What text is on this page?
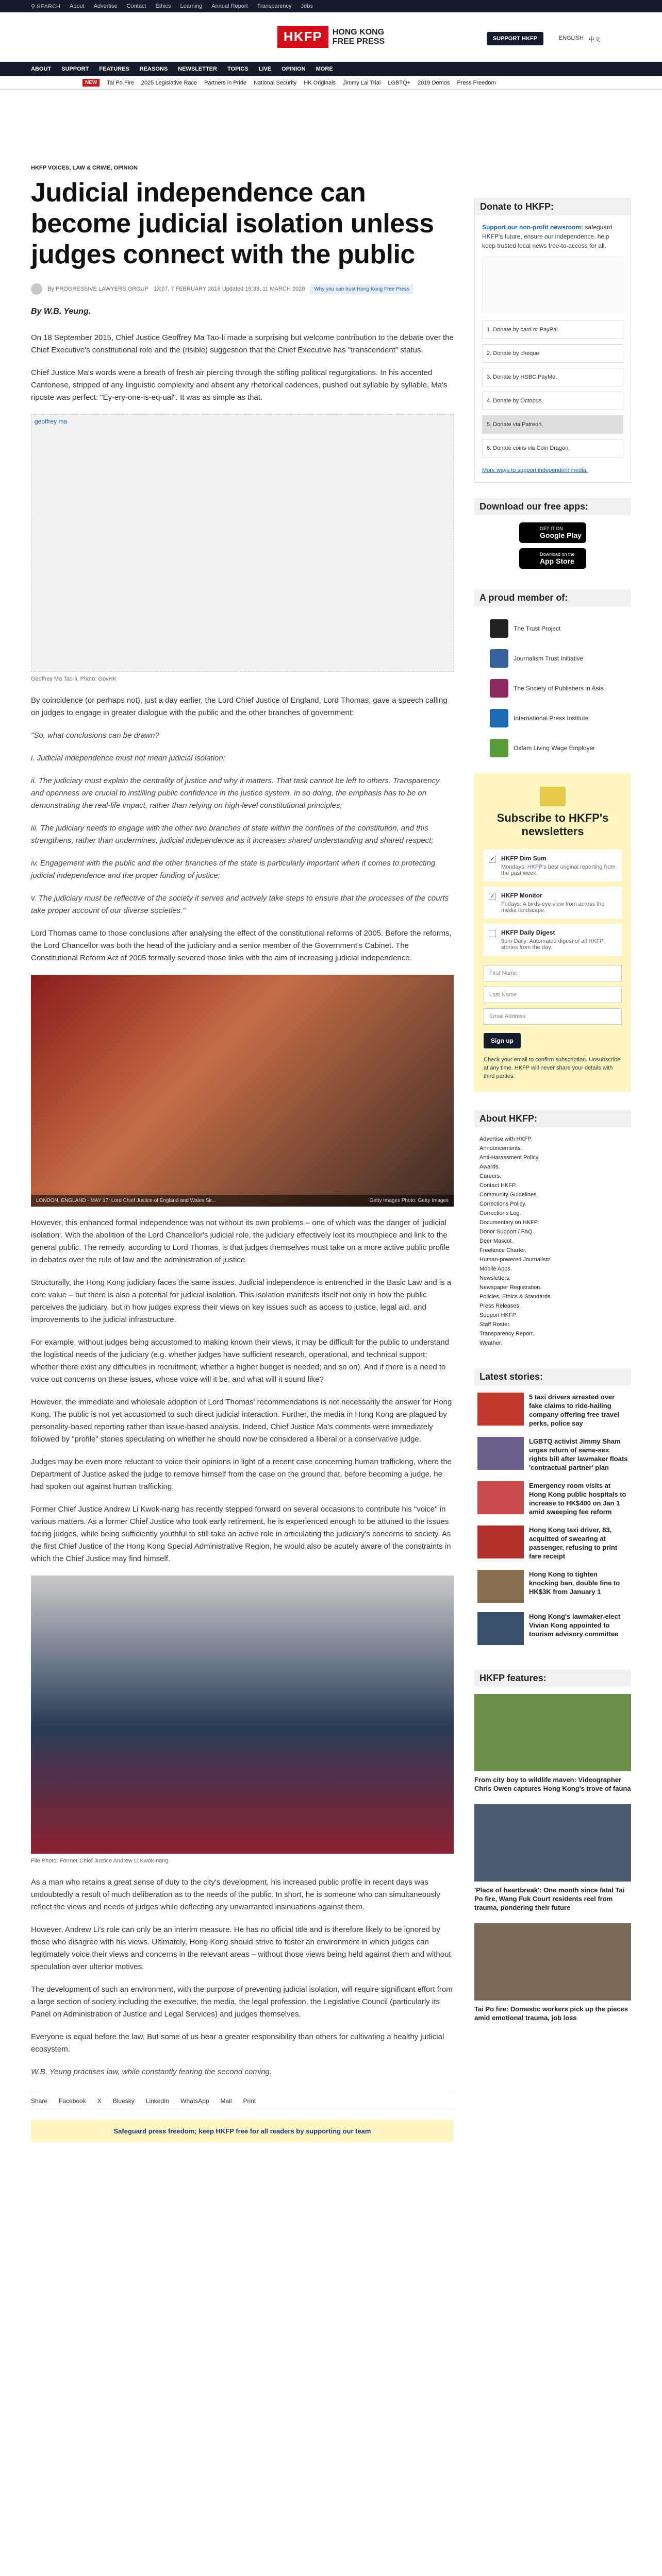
⚲ SEARCH About Advertise Contact Ethics Learning Annual Report Transparency Jobs
HKFP	HONG KONG
FREE PRESS	SUPPORT HKFP	ENGLISH 中文
ABOUT SUPPORT FEATURES REASONS NEWSLETTER TOPICS LIVE OPINION MORE
NEW	Tai Po Fire 2025 Legislative Race Partners in Pride National Security HK Originals Jimmy Lai Trial LGBTQ+ 2019 Demos Press Freedom
HKFP VOICES, LAW & CRIME, OPINION
Judicial independence can become judicial isolation unless judges connect with the public
By PROGRESSIVE LAWYERS GROUP 13:07, 7 FEBRUARY 2016 Updated 19:33, 11 MARCH 2020	Why you can trust Hong Kong Free Press
By W.B. Yeung.

On 18 September 2015, Chief Justice Geoffrey Ma Tao-li made a surprising but welcome contribution to the debate over the Chief Executive's constitutional role and the (risible) suggestion that the Chief Executive has "transcendent" status.

Chief Justice Ma's words were a breath of fresh air piercing through the stifling political regurgitations. In his accented Cantonese, stripped of any linguistic complexity and absent any rhetorical cadences, pushed out syllable by syllable, Ma's riposte was perfect: "Ey-ery-one-is-eq-ual". It was as simple as that.

geoffrey ma
Geoffrey Ma Tao-li. Photo: GovHK

By coincidence (or perhaps not), just a day earlier, the Lord Chief Justice of England, Lord Thomas, gave a speech calling on judges to engage in greater dialogue with the public and the other branches of government:

"So, what conclusions can be drawn?

i. Judicial independence must not mean judicial isolation;

ii. The judiciary must explain the centrality of justice and why it matters. That task cannot be left to others. Transparency and openness are crucial to instilling public confidence in the justice system. In so doing, the emphasis has to be on demonstrating the real-life impact, rather than relying on high-level constitutional principles;

iii. The judiciary needs to engage with the other two branches of state within the confines of the constitution, and this strengthens, rather than undermines, judicial independence as it increases shared understanding and shared respect;

iv. Engagement with the public and the other branches of the state is particularly important when it comes to protecting judicial independence and the proper funding of justice;

v. The judiciary must be reflective of the society it serves and actively take steps to ensure that the processes of the courts take proper account of our diverse societies."

Lord Thomas came to those conclusions after analysing the effect of the constitutional reforms of 2005. Before the reforms, the Lord Chancellor was both the head of the judiciary and a senior member of the Government's Cabinet. The Constitutional Reform Act of 2005 formally severed those links with the aim of increasing judicial independence.

LONDON, ENGLAND - MAY 17: Lord Chief Justice of England and Wales Sir...	Getty Images Photo: Getty Images

However, this enhanced formal independence was not without its own problems – one of which was the danger of 'judicial isolation'. With the abolition of the Lord Chancellor's judicial role, the judiciary effectively lost its mouthpiece and link to the general public. The remedy, according to Lord Thomas, is that judges themselves must take on a more active public profile in debates over the rule of law and the administration of justice.

Structurally, the Hong Kong judiciary faces the same issues. Judicial independence is entrenched in the Basic Law and is a core value – but there is also a potential for judicial isolation. This isolation manifests itself not only in how the public perceives the judiciary, but in how judges express their views on key issues such as access to justice, legal aid, and improvements to the judicial infrastructure.

For example, without judges being accustomed to making known their views, it may be difficult for the public to understand the logistical needs of the judiciary (e.g. whether judges have sufficient research, operational, and technical support; whether there exist any difficulties in recruitment; whether a higher budget is needed; and so on). And if there is a need to voice out concerns on these issues, whose voice will it be, and what will it sound like?

However, the immediate and wholesale adoption of Lord Thomas' recommendations is not necessarily the answer for Hong Kong. The public is not yet accustomed to such direct judicial interaction. Further, the media in Hong Kong are plagued by personality-based reporting rather than issue-based analysis. Indeed, Chief Justice Ma's comments were immediately followed by "profile" stories speculating on whether he should now be considered a liberal or a conservative judge.

Judges may be even more reluctant to voice their opinions in light of a recent case concerning human trafficking, where the Department of Justice asked the judge to remove himself from the case on the ground that, before becoming a judge, he had spoken out against human trafficking.

Former Chief Justice Andrew Li Kwok-nang has recently stepped forward on several occasions to contribute his "voice" in various matters. As a former Chief Justice who took early retirement, he is experienced enough to be attuned to the issues facing judges, while being sufficiently youthful to still take an active role in articulating the judiciary's concerns to society. As the first Chief Justice of the Hong Kong Special Administrative Region, he would also be acutely aware of the constraints in which the Chief Justice may find himself.

File Photo: Former Chief Justice Andrew Li Kwok-nang.

As a man who retains a great sense of duty to the city's development, his increased public profile in recent days was undoubtedly a result of much deliberation as to the needs of the public. In short, he is someone who can simultaneously reflect the views and needs of judges while deflecting any unwarranted insinuations against them.

However, Andrew Li's role can only be an interim measure. He has no official title and is therefore likely to be ignored by those who disagree with his views. Ultimately, Hong Kong should strive to foster an environment in which judges can legitimately voice their views and concerns in the relevant areas – without those views being held against them and without speculation over ulterior motives.

The development of such an environment, with the purpose of preventing judicial isolation, will require significant effort from a large section of society including the executive, the media, the legal profession, the Legislative Council (particularly its Panel on Administration of Justice and Legal Services) and judges themselves.

Everyone is equal before the law. But some of us bear a greater responsibility than others for cultivating a healthy judicial ecosystem.

W.B. Yeung practises law, while constantly fearing the second coming.

Share Facebook X Bluesky LinkedIn WhatsApp Mail Print
Safeguard press freedom; keep HKFP free for all readers by supporting our team
Donate to HKFP:

Support our non-profit newsroom: safeguard HKFP's future, ensure our independence, help keep trusted local news free-to-access for all.

1. Donate by card or PayPal.
2. Donate by cheque.
3. Donate by HSBC PayMe.
4. Donate by Octopus.
5. Donate via Patreon.
6. Donate coins via Coin Dragon.
More ways to support independent media.
Download our free apps:
GET IT ON
Google Play
Download on the
App Store
A proud member of:
The Trust Project
Journalism Trust Initiative
The Society of Publishers in Asia
International Press Institute
Oxfam Living Wage Employer
Subscribe to HKFP's newsletters
✓ HKFP Dim Sum
Mondays: HKFP's best original reporting from the past week.
✓ HKFP Monitor
Fridays: A birds-eye view from across the media landscape.
HKFP Daily Digest
9pm Daily: Automated digest of all HKFP stories from the day.
First Name
Last Name
Email Address
Sign up

Check your email to confirm subscription. Unsubscribe at any time. HKFP will never share your details with third parties.

About HKFP:
Advertise with HKFP.
Announcements.
Anti-Harassment Policy.
Awards.
Careers.
Contact HKFP.
Community Guidelines.
Corrections Policy.
Corrections Log.
Documentary on HKFP.
Donor Support / FAQ.
Deer Mascot.
Freelance Charter.
Human-powered Journalism.
Mobile Apps.
Newsletters.
Newspaper Registration.
Policies, Ethics & Standards.
Press Releases.
Support HKFP.
Staff Roster.
Transparency Report.
Weather.
Latest stories:
5 taxi drivers arrested over fake claims to ride-hailing company offering free travel perks, police say
LGBTQ activist Jimmy Sham urges return of same-sex rights bill after lawmaker floats 'contractual partner' plan
Emergency room visits at Hong Kong public hospitals to increase to HK$400 on Jan 1 amid sweeping fee reform
Hong Kong taxi driver, 83, acquitted of swearing at passenger, refusing to print fare receipt
Hong Kong to tighten knocking ban, double fine to HK$3K from January 1
Hong Kong's lawmaker-elect Vivian Kong appointed to tourism advisory committee
HKFP features:
From city boy to wildlife maven: Videographer Chris Owen captures Hong Kong's trove of fauna
'Place of heartbreak': One month since fatal Tai Po fire, Wang Fuk Court residents reel from trauma, pondering their future
Tai Po fire: Domestic workers pick up the pieces amid emotional trauma, job loss
